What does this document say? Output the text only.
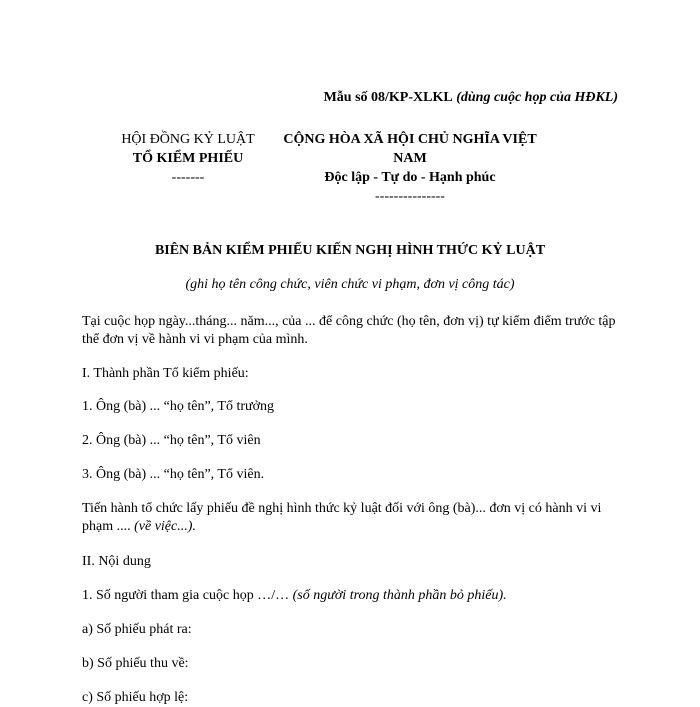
Mẫu số 08/KP-XLKL (dùng cuộc họp của HĐKL)
HỘI ĐỒNG KỶ LUẬT
TỔ KIỂM PHIẾU
-------
CỘNG HÒA XÃ HỘI CHỦ NGHĨA VIỆT
NAM
Độc lập - Tự do - Hạnh phúc
---------------
BIÊN BẢN KIỂM PHIẾU KIẾN NGHỊ HÌNH THỨC KỶ LUẬT
(ghi họ tên công chức, viên chức vi phạm, đơn vị công tác)
Tại cuộc họp ngày...tháng... năm..., của ... để công chức (họ tên, đơn vị) tự kiểm điểm trước tập thể đơn vị về hành vi vi phạm của mình.
I. Thành phần Tổ kiểm phiếu:
1. Ông (bà) ... “họ tên”, Tổ trưởng
2. Ông (bà) ... “họ tên”, Tổ viên
3. Ông (bà) ... “họ tên”, Tổ viên.
Tiến hành tổ chức lấy phiếu đề nghị hình thức kỷ luật đối với ông (bà)... đơn vị có hành vi vi phạm .... (về việc...).
II. Nội dung
1. Số người tham gia cuộc họp …/… (số người trong thành phần bỏ phiếu).
a) Số phiếu phát ra:
b) Số phiếu thu về:
c) Số phiếu hợp lệ:
